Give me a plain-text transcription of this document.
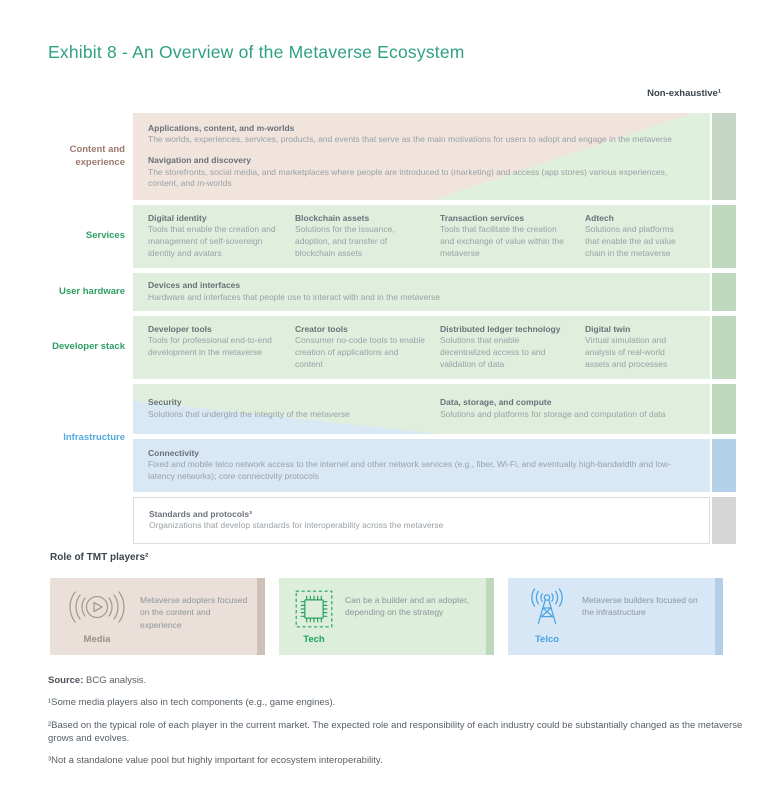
Exhibit 8 - An Overview of the Metaverse Ecosystem
Non-exhaustive¹
Content and experience
Applications, content, and m-worlds
The worlds, experiences, services, products, and events that serve as the main motivations for users to adopt and engage in the metaverse
Navigation and discovery
The storefronts, social media, and marketplaces where people are introduced to (marketing) and access (app stores) various experiences, content, and m-worlds
Services
Digital identity
Tools that enable the creation and management of self-sovereign identity and avatars
Blockchain assets
Solutions for the issuance, adoption, and transfer of blockchain assets
Transaction services
Tools that facilitate the creation and exchange of value within the metaverse
Adtech
Solutions and platforms that enable the ad value chain in the metaverse
User hardware
Devices and interfaces
Hardware and interfaces that people use to interact with and in the metaverse
Developer stack
Developer tools
Tools for professional end-to-end development in the metaverse
Creator tools
Consumer no-code tools to enable creation of applications and content
Distributed ledger technology
Solutions that enable decentralized access to and validation of data
Digital twin
Virtual simulation and analysis of real-world assets and processes
Infrastructure
Security
Solutions that undergird the integrity of the metaverse
Data, storage, and compute
Solutions and platforms for storage and computation of data
Connectivity
Fixed and mobile telco network access to the internet and other network services (e.g., fiber, Wi-Fi, and eventually high-bandwidth and low-latency networks); core connectivity protocols
Standards and protocols³
Organizations that develop standards for interoperability across the metaverse
Role of TMT players²
Media
Metaverse adopters focused on the content and experience
Tech
Can be a builder and an adopter, depending on the strategy
Telco
Metaverse builders focused on the infrastructure
Source: BCG analysis.
¹Some media players also in tech components (e.g., game engines).
²Based on the typical role of each player in the current market. The expected role and responsibility of each industry could be substantially changed as the metaverse grows and evolves.
³Not a standalone value pool but highly important for ecosystem interoperability.
